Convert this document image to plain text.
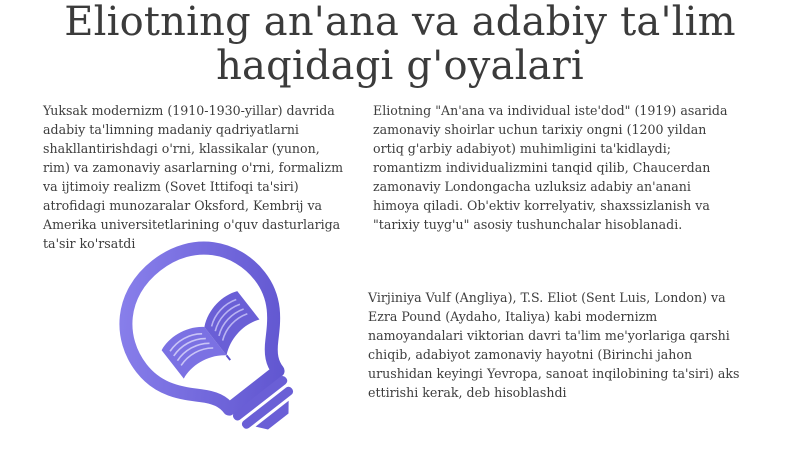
Eliotning an'ana va adabiy ta'lim
haqidagi g'oyalari
Yuksak modernizm (1910-1930-yillar) davrida adabiy ta'limning madaniy qadriyatlarni shakllantirishdagi o'rni, klassikalar (yunon, rim) va zamonaviy asarlarning o'rni, formalizm va ijtimoiy realizm (Sovet Ittifoqi ta'siri) atrofidagi munozaralar Oksford, Kembrij va Amerika universitetlarining o'quv dasturlariga ta'sir ko'rsatdi
Eliotning "An'ana va individual iste'dod" (1919) asarida zamonaviy shoirlar uchun tarixiy ongni (1200 yildan ortiq g'arbiy adabiyot) muhimligini ta'kidlaydi; romantizm individualizmini tanqid qilib, Chaucerdan zamonaviy Londongacha uzluksiz adabiy an'anani himoya qiladi. Ob'ektiv korrelyativ, shaxssizlanish va "tarixiy tuyg'u" asosiy tushunchalar hisoblanadi.
Virjiniya Vulf (Angliya), T.S. Eliot (Sent Luis, London) va Ezra Pound (Aydaho, Italiya) kabi modernizm namoyandalari viktorian davri ta'lim me'yorlariga qarshi chiqib, adabiyot zamonaviy hayotni (Birinchi jahon urushidan keyingi Yevropa, sanoat inqilobining ta'siri) aks ettirishi kerak, deb hisoblashdi
